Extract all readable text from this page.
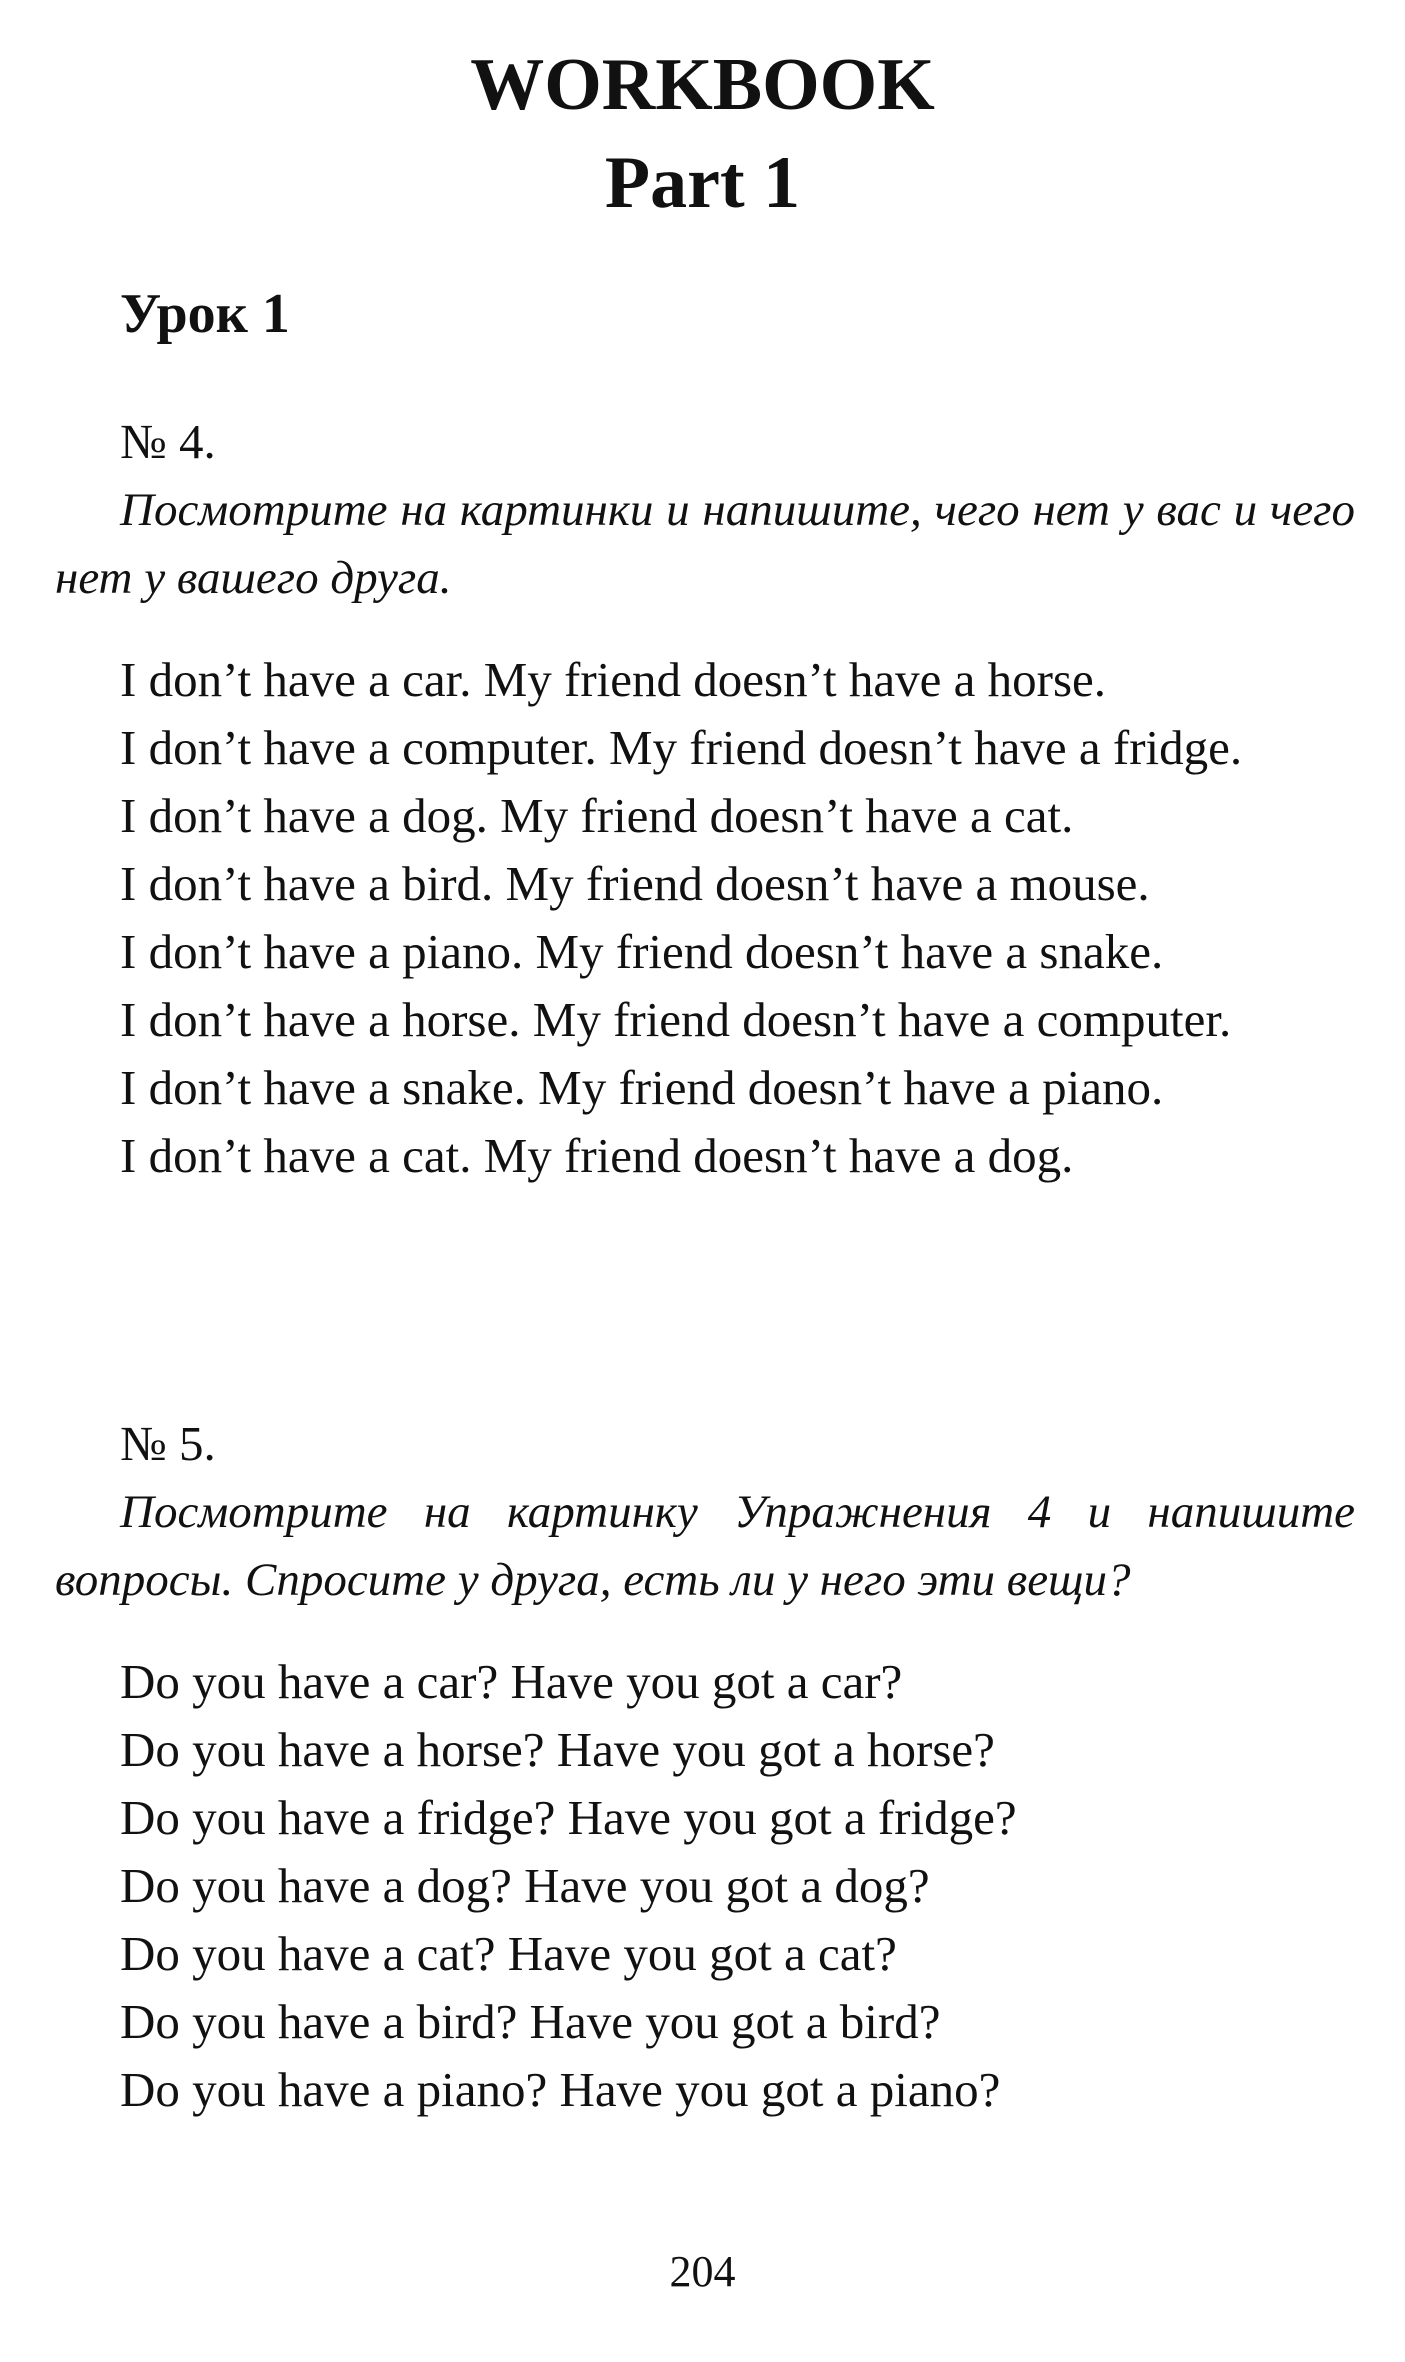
WORKBOOK
Part 1
Урок 1
№ 4.
Посмотрите на картинки и напишите, чего нет у вас и чего нет у вашего друга.
I don’t have a car. My friend doesn’t have a horse.
I don’t have a computer. My friend doesn’t have a fridge.
I don’t have a dog. My friend doesn’t have a cat.
I don’t have a bird. My friend doesn’t have a mouse.
I don’t have a piano. My friend doesn’t have a snake.
I don’t have a horse. My friend doesn’t have a computer.
I don’t have a snake. My friend doesn’t have a piano.
I don’t have a cat. My friend doesn’t have a dog.
№ 5.
Посмотрите на картинку Упражнения 4 и напишите вопросы. Спросите у друга, есть ли у него эти вещи?
Do you have a car? Have you got a car?
Do you have a horse? Have you got a horse?
Do you have a fridge? Have you got a fridge?
Do you have a dog? Have you got a dog?
Do you have a cat? Have you got a cat?
Do you have a bird? Have you got a bird?
Do you have a piano? Have you got a piano?
204
